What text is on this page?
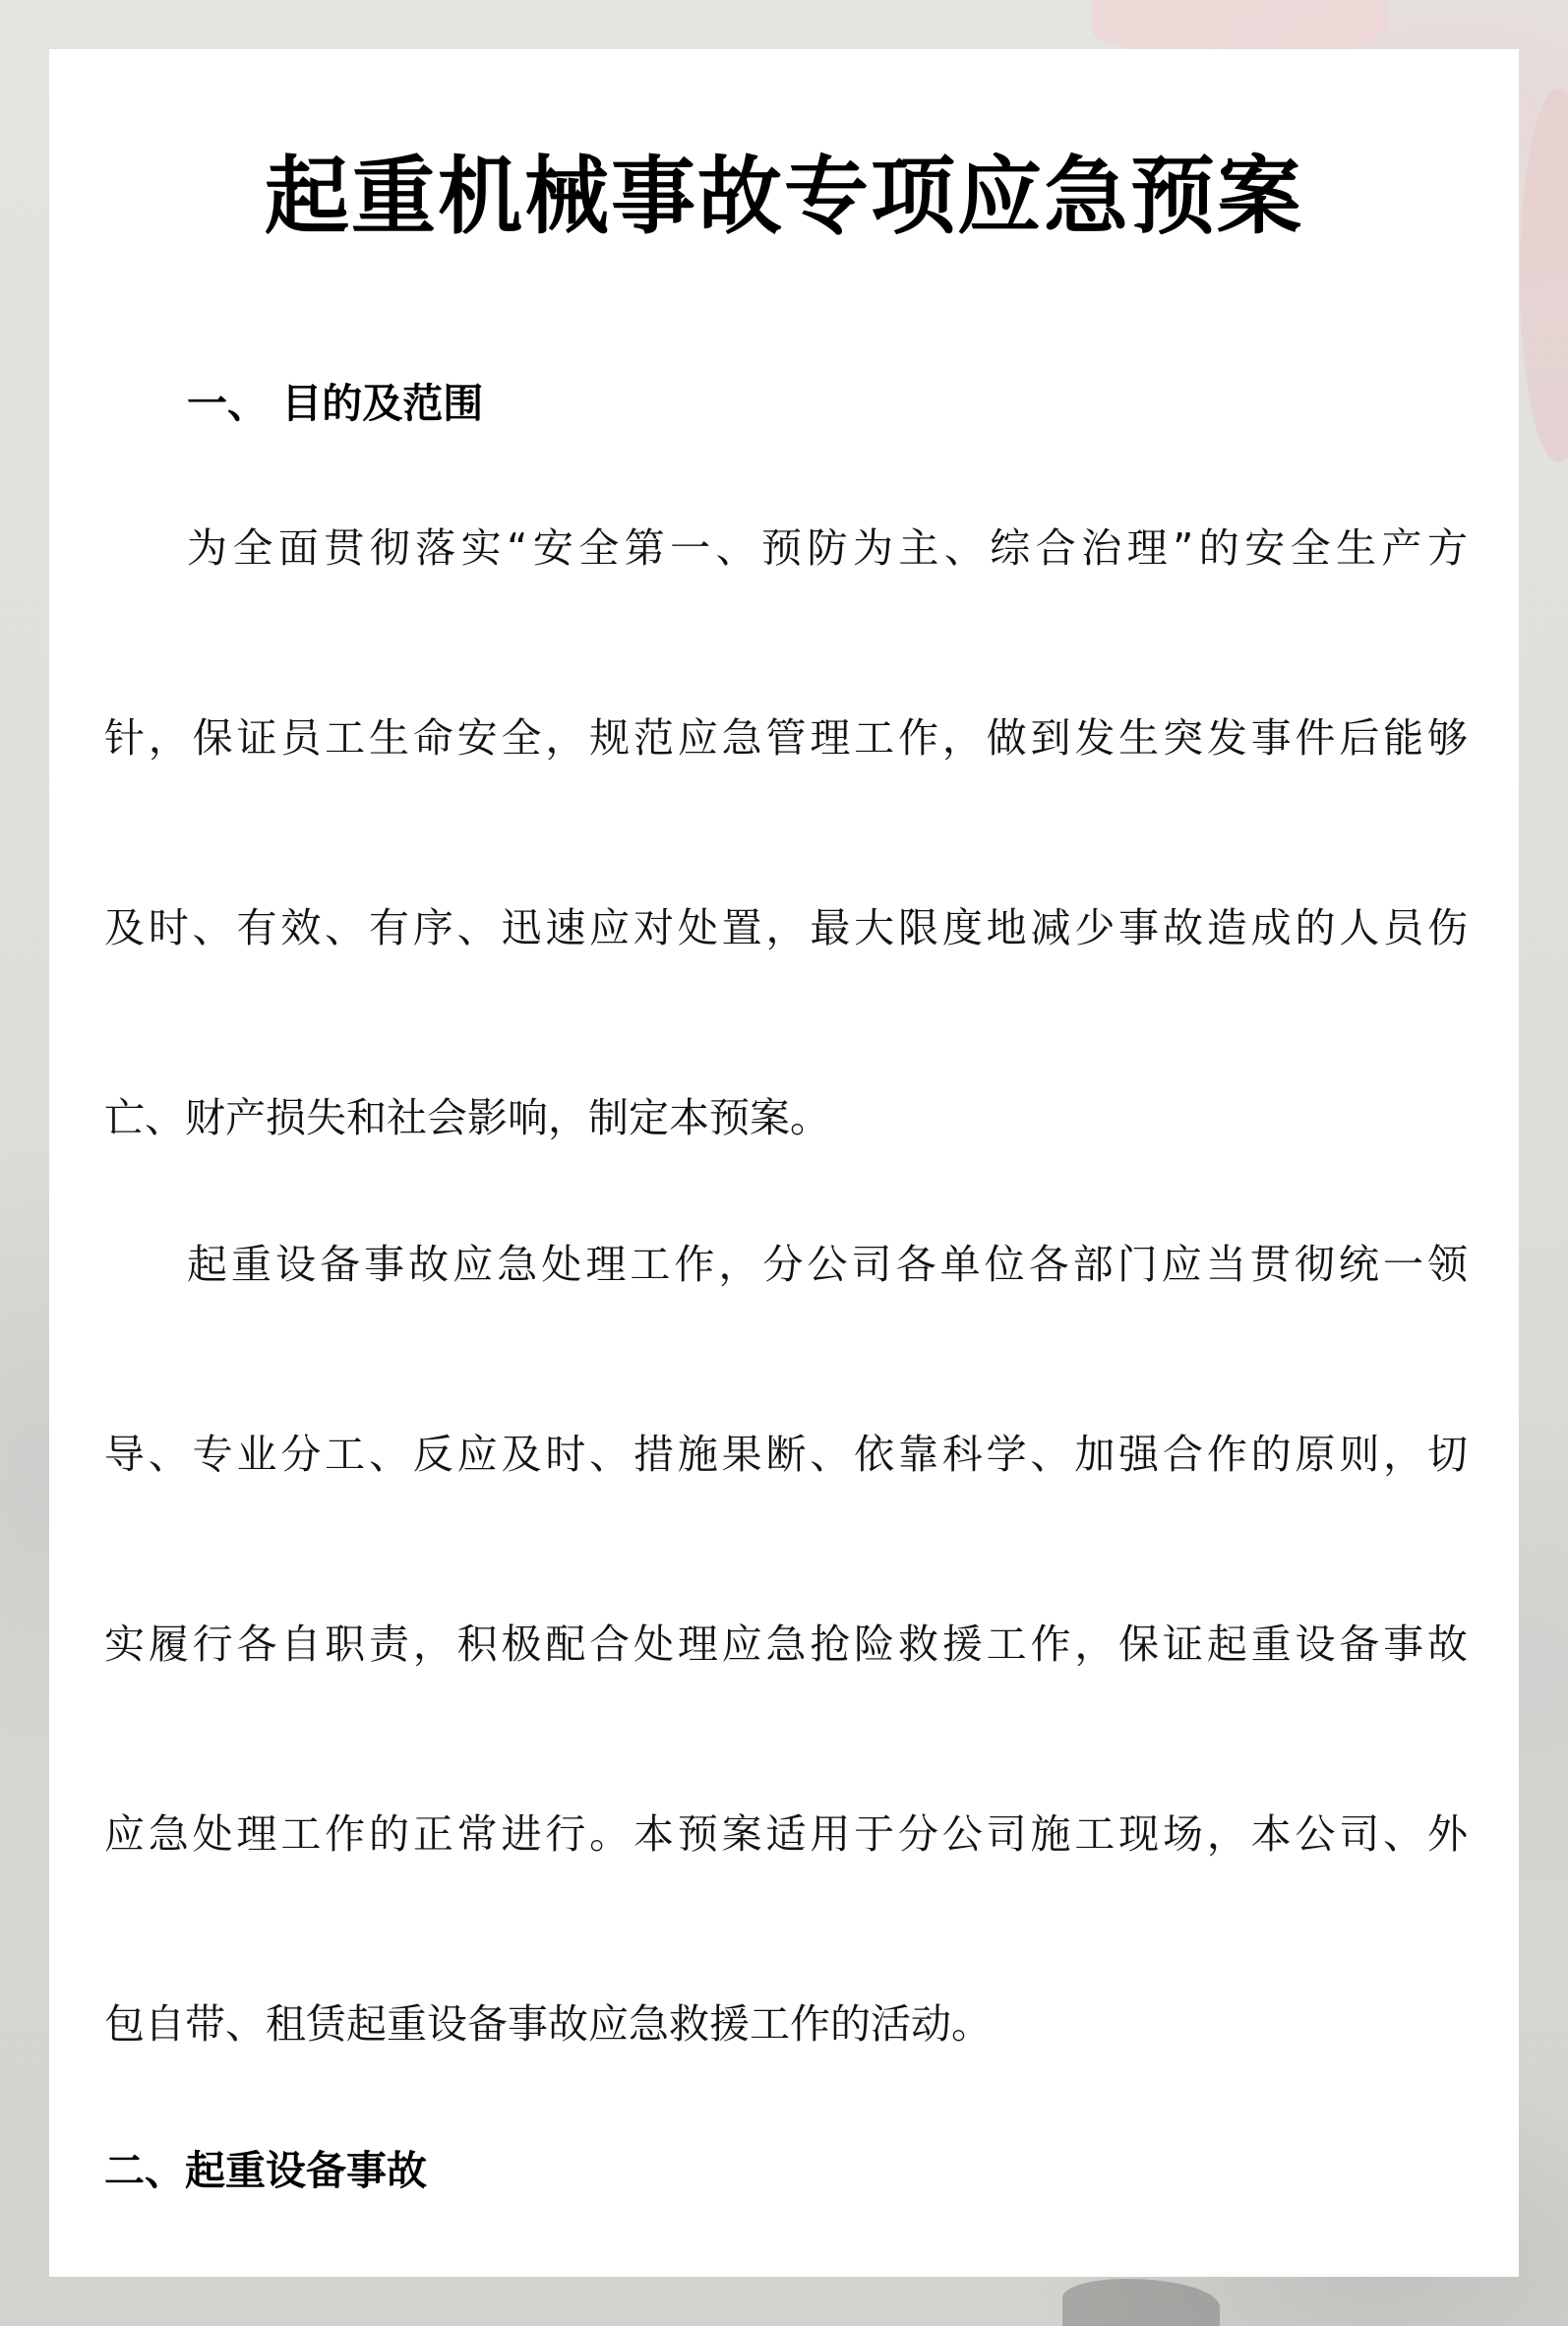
起重机械事故专项应急预案
一、 目的及范围
为全面贯彻落实“安全第一、预防为主、综合治理”的安全生产方
针，保证员工生命安全，规范应急管理工作，做到发生突发事件后能够
及时、有效、有序、迅速应对处置，最大限度地减少事故造成的人员伤
亡、财产损失和社会影响，制定本预案。
起重设备事故应急处理工作，分公司各单位各部门应当贯彻统一领
导、专业分工、反应及时、措施果断、依靠科学、加强合作的原则，切
实履行各自职责，积极配合处理应急抢险救援工作，保证起重设备事故
应急处理工作的正常进行。本预案适用于分公司施工现场，本公司、外
包自带、租赁起重设备事故应急救援工作的活动。
二、起重设备事故
